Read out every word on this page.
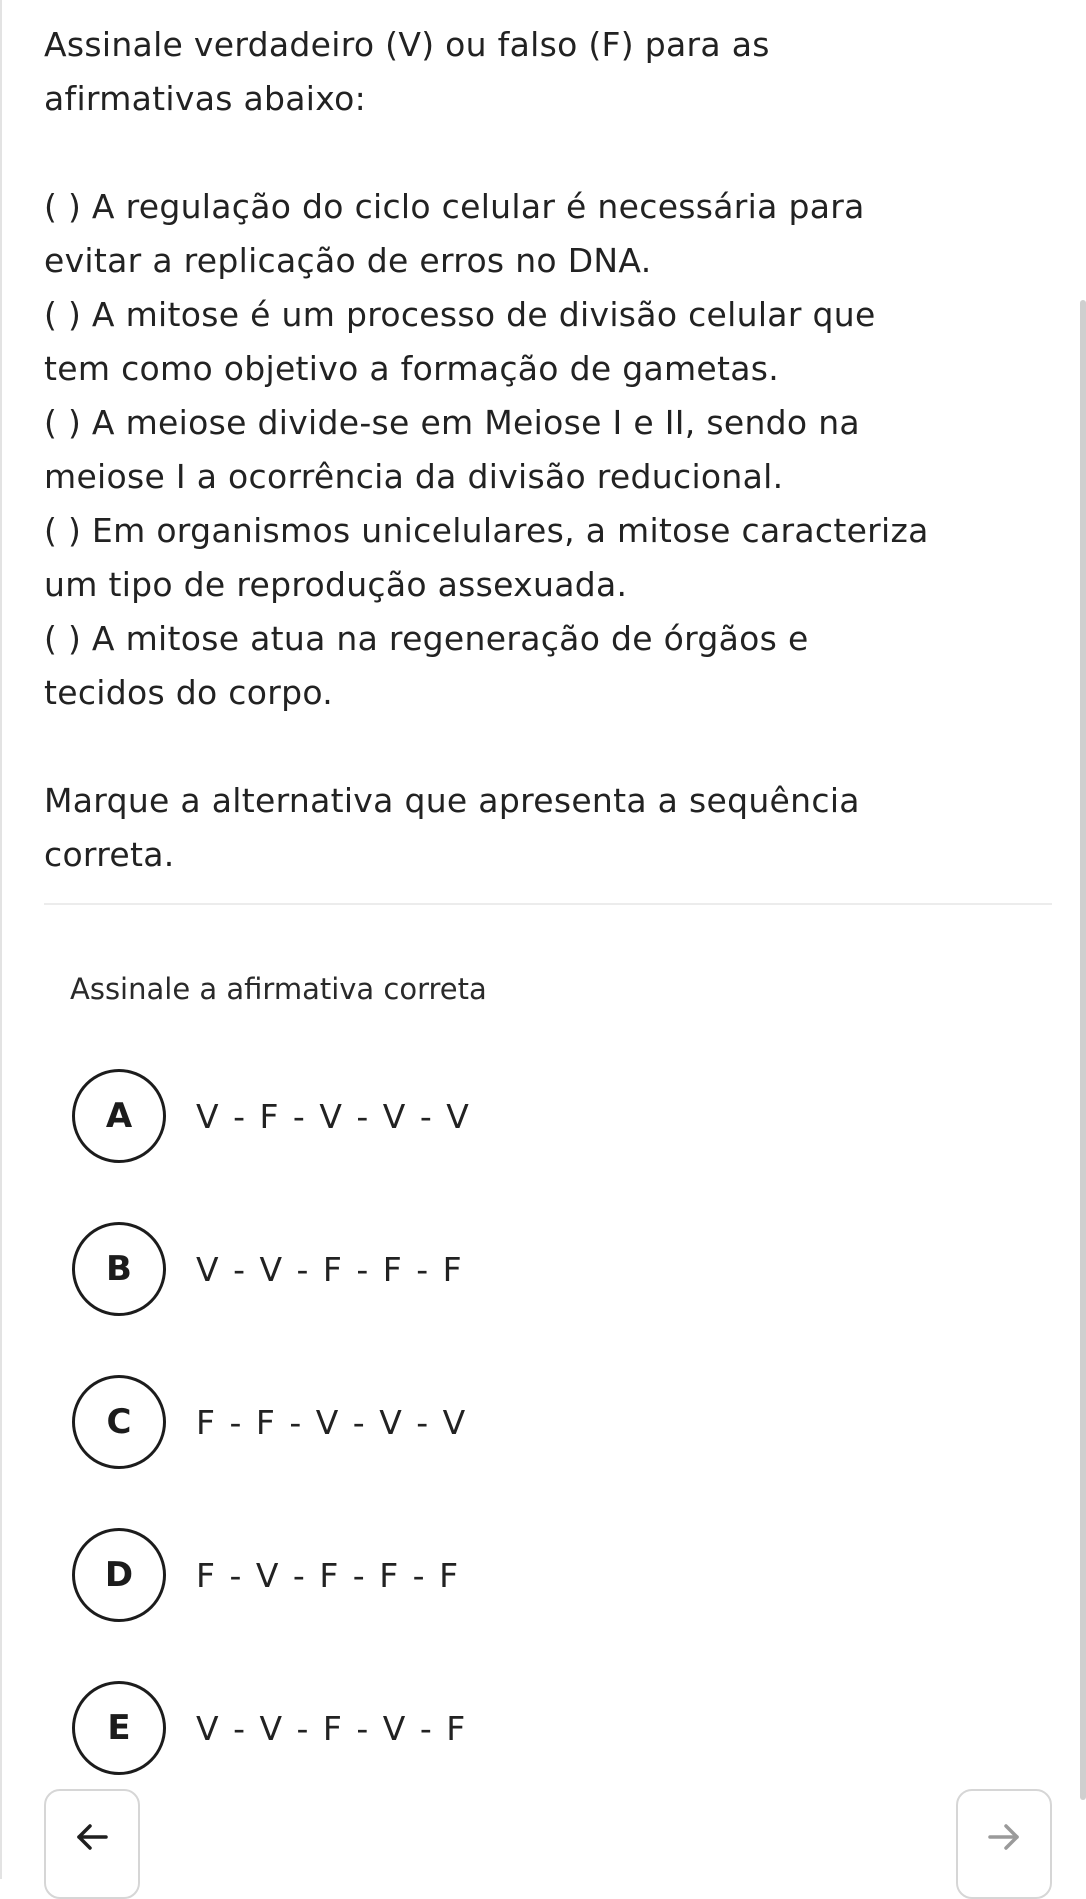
Assinale verdadeiro (V) ou falso (F) para as

afirmativas abaixo:

( ) A regulação do ciclo celular é necessária para

evitar a replicação de erros no DNA.

( ) A mitose é um processo de divisão celular que

tem como objetivo a formação de gametas.

( ) A meiose divide-se em Meiose I e II, sendo na

meiose I a ocorrência da divisão reducional.

( ) Em organismos unicelulares, a mitose caracteriza

um tipo de reprodução assexuada.

( ) A mitose atua na regeneração de órgãos e

tecidos do corpo.

Marque a alternativa que apresenta a sequência

correta.

Assinale a afirmativa correta
A	V - F - V - V - V
B	V - V - F - F - F
C	F - F - V - V - V
D	F - V - F - F - F
E	V - V - F - V - F
